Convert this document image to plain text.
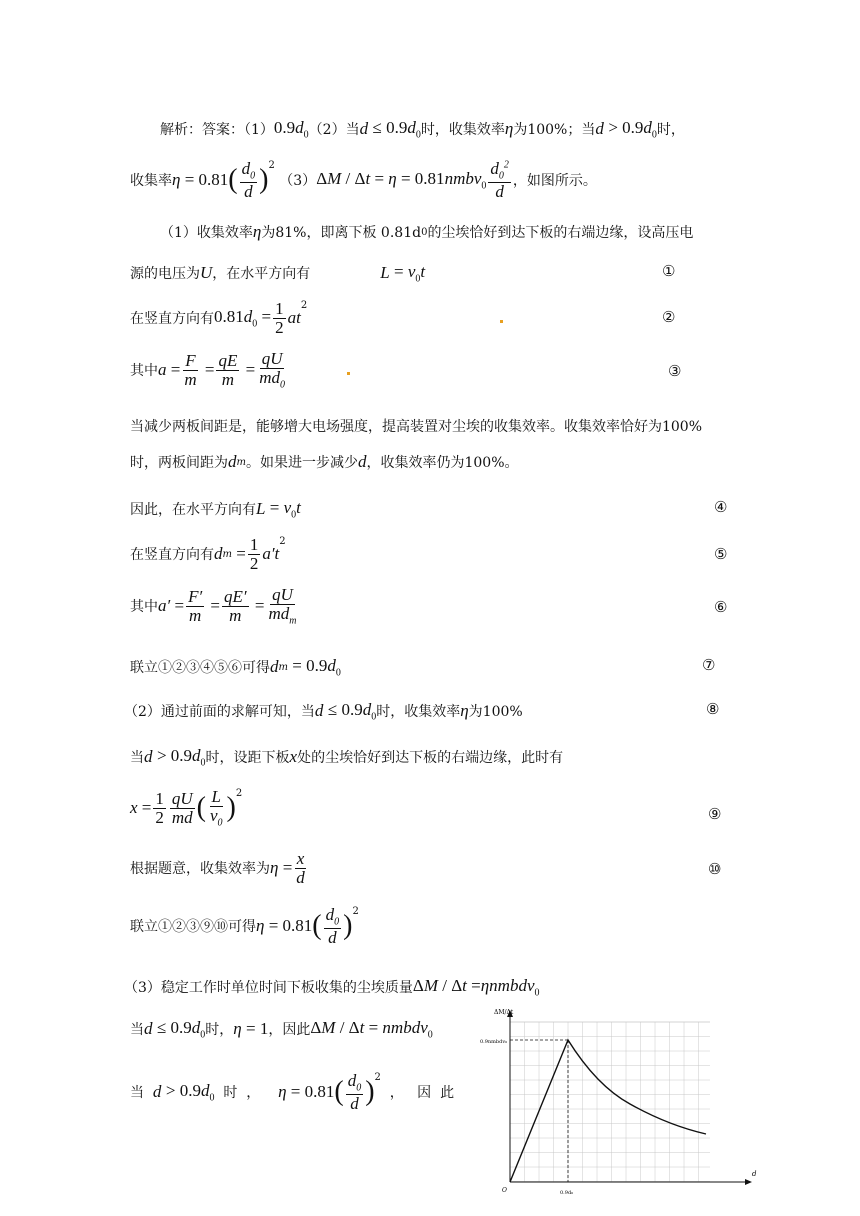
解析：答案：（1） $0.9d_0$ （2）当 d
≤ $0.9d_0$ 时，收集效率 η 为100%；当 d
> $0.9d_0$ 时，
收集率 η = 0.81 ( $\frac{d_0}{d} )^2$

（3） ΔM / Δt = η = 0.81nmbv$_0$ $\frac{d_0^2}{d}$ ，如图所示。
（1）收集效率 η 为81%，即离下板 0.81d 0 的尘埃恰好到达下板的右端边缘，设高压电
源的电压为 U ，在水平方向有	$L = v_0t$	①
在竖直方向有 $0.81d_0 = \frac{1}{2}$ at
$^2$
②
其中 $a = \frac{F}{m} = \frac{qE}{m} = \frac{qU}{md_0}$	③
当减少两板间距是，能够增大电场强度，提高装置对尘埃的收集效率。收集效率恰好为100%
时，两板间距为 d m 。如果进一步减少 d ，收集效率仍为100%。
因此，在水平方向有 $L = v_0t$	④
在竖直方向有 d $m = \frac{1}{2} a't$
$^2$
⑤
其中 $a' = \frac{F'}{m} = \frac{qE'}{m} = \frac{qU}{md_m}$	⑥
联立①②③④⑤⑥可得 d $m = 0.9d_0$	⑦
（2）通过前面的求解可知，当 d
≤ $0.9d_0$ 时，收集效率 η 为100%	⑧
当 d
> $0.9d_0$ 时，设距下板 x 处的尘埃恰好到达下板的右端边缘，此时有
$x = \frac{1}{2} \frac{qU}{md}$ ( $\frac{L}{v_0} )^2$
⑨
根据题意，收集效率为 $\eta = \frac{x}{d}$	⑩
联立①②③⑨⑩可得 η = 0.81 ( $\frac{d_0}{d} )^2$
（3）稳定工作时单位时间下板收集的尘埃质量 ΔM / Δt =ηnmbdv$_0$
当 d
≤ $0.9d_0$ 时， η = 1 ，因此 ΔM / Δt = nmbdv$_0$
当
d
> $0.9d_0$
时
，
η = 0.81 ( $\frac{d_0}{d} )^2$

，
因
此
ΔM/Δt
0.9nmbdv₀
d
0.9d₀
O
